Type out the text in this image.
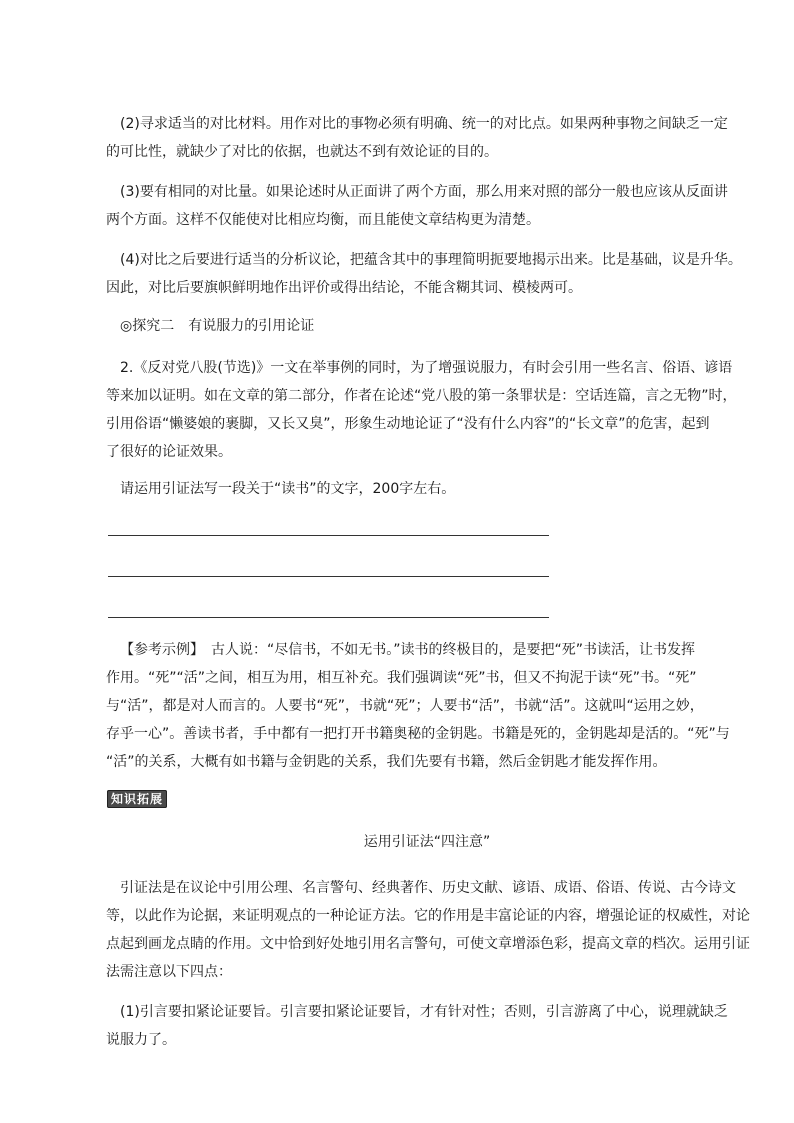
(2)寻求适当的对比材料。用作对比的事物必须有明确、统一的对比点。如果两种事物之间缺乏一定
的可比性，就缺少了对比的依据，也就达不到有效论证的目的。

(3)要有相同的对比量。如果论述时从正面讲了两个方面，那么用来对照的部分一般也应该从反面讲
两个方面。这样不仅能使对比相应均衡，而且能使文章结构更为清楚。

(4)对比之后要进行适当的分析议论，把蕴含其中的事理简明扼要地揭示出来。比是基础，议是升华。
因此，对比后要旗帜鲜明地作出评价或得出结论，不能含糊其词、模棱两可。

◎探究二　有说服力的引用论证

2.《反对党八股(节选)》一文在举事例的同时，为了增强说服力，有时会引用一些名言、俗语、谚语
等来加以证明。如在文章的第二部分，作者在论述“党八股的第一条罪状是：空话连篇，言之无物”时，
引用俗语“懒婆娘的裹脚，又长又臭”，形象生动地论证了“没有什么内容”的“长文章”的危害，起到
了很好的论证效果。

请运用引证法写一段关于“读书”的文字，200字左右。

【参考示例】　古人说：“尽信书，不如无书。”读书的终极目的，是要把“死”书读活，让书发挥
作用。“死”“活”之间，相互为用，相互补充。我们强调读“死”书，但又不拘泥于读“死”书。“死”
与“活”，都是对人而言的。人要书“死”，书就“死”；人要书“活”，书就“活”。这就叫“运用之妙，
存乎一心”。善读书者，手中都有一把打开书籍奥秘的金钥匙。书籍是死的，金钥匙却是活的。“死”与
“活”的关系，大概有如书籍与金钥匙的关系，我们先要有书籍，然后金钥匙才能发挥作用。

知识拓展
运用引证法“四注意”

引证法是在议论中引用公理、名言警句、经典著作、历史文献、谚语、成语、俗语、传说、古今诗文
等，以此作为论据，来证明观点的一种论证方法。它的作用是丰富论证的内容，增强论证的权威性，对论
点起到画龙点睛的作用。文中恰到好处地引用名言警句，可使文章增添色彩，提高文章的档次。运用引证
法需注意以下四点：

(1)引言要扣紧论证要旨。引言要扣紧论证要旨，才有针对性；否则，引言游离了中心，说理就缺乏
说服力了。
